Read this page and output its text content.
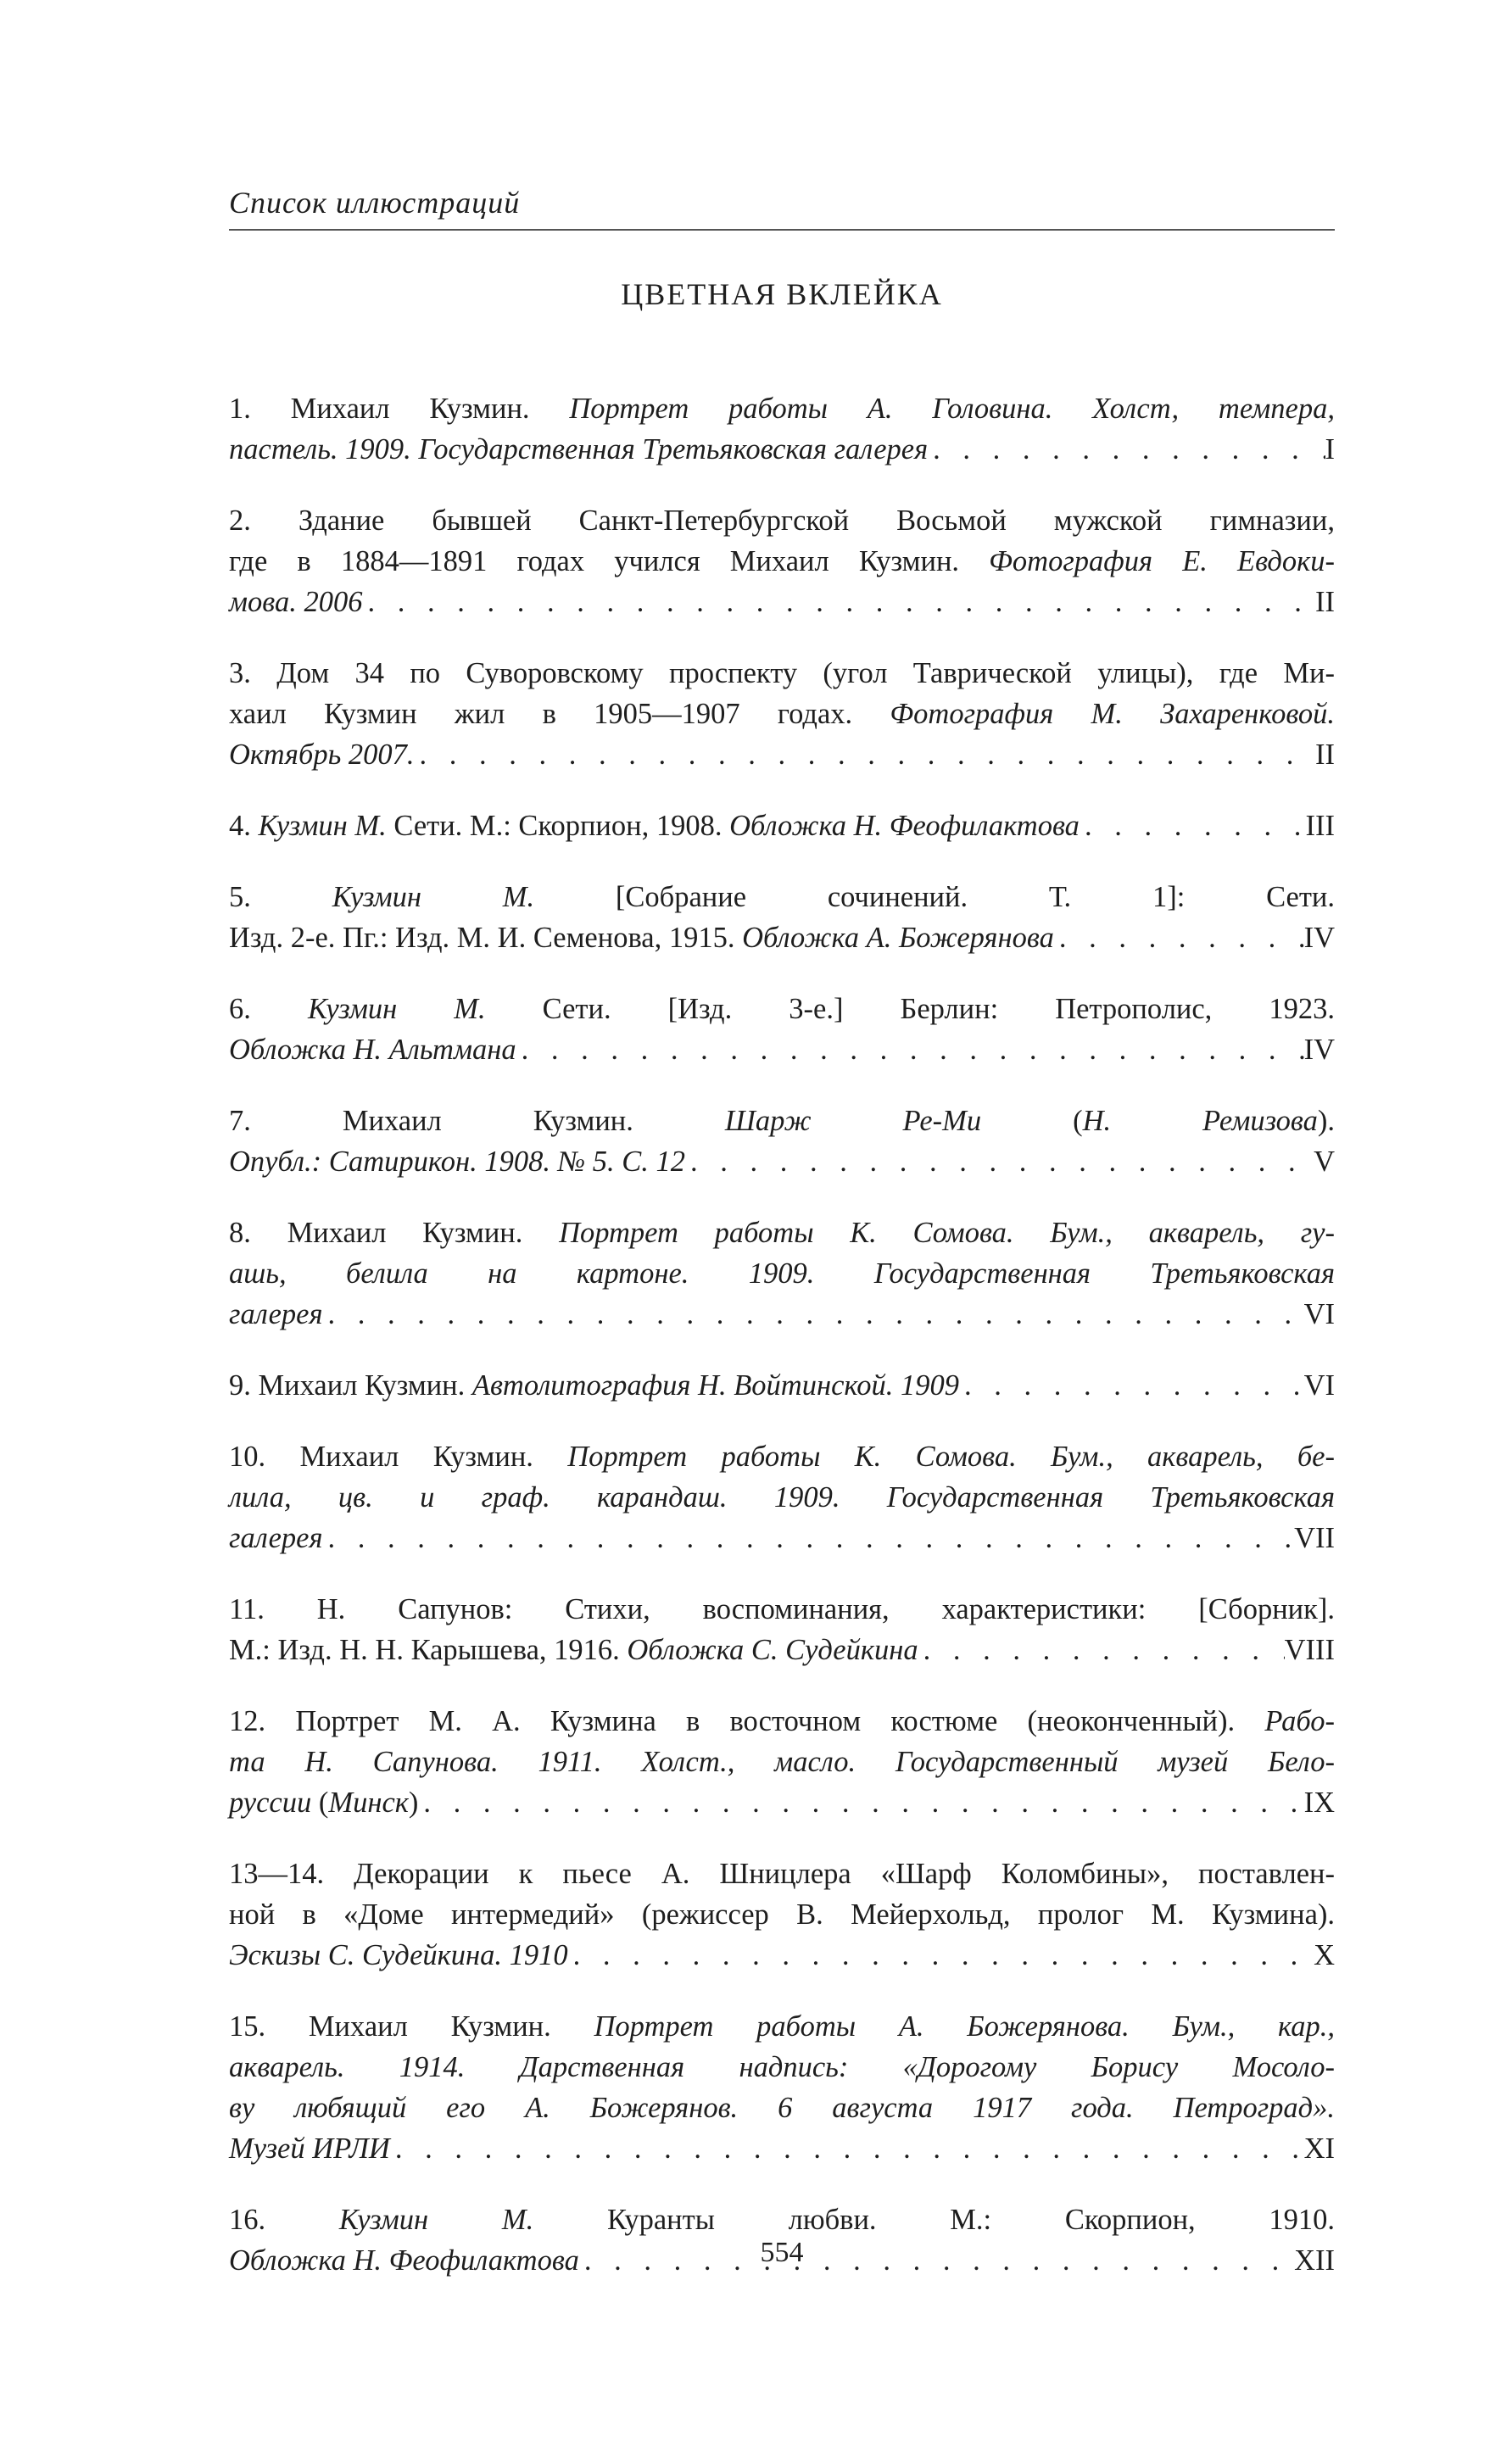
Список иллюстраций
ЦВЕТНАЯ ВКЛЕЙКА
1. Михаил Кузмин. Портрет работы А. Головина. Холст, темпера,
пастель. 1909. Государственная Третьяковская галерея . . .	I
2. Здание бывшей Санкт-Петербургской Восьмой мужской гимназии,
где в 1884—1891 годах учился Михаил Кузмин. Фотография Е. Евдоки-
мова. 2006 . . .	II
3. Дом 34 по Суворовскому проспекту (угол Таврической улицы), где Ми-
хаил Кузмин жил в 1905—1907 годах. Фотография М. Захаренковой.
Октябрь 2007. . . .	II
4. Кузмин М. Сети. М.: Скорпион, 1908. Обложка Н. Феофилактова . . .	III
5. Кузмин М. [Собрание сочинений. Т. 1]: Сети.
Изд. 2-е. Пг.: Изд. М. И. Семенова, 1915. Обложка А. Божерянова . . .	IV
6. Кузмин М. Сети. [Изд. 3-е.] Берлин: Петрополис, 1923.
Обложка Н. Альтмана . . .	IV
7. Михаил Кузмин. Шарж Ре-Ми (Н. Ремизова).
Опубл.: Сатирикон. 1908. № 5. С. 12 . . .	V
8. Михаил Кузмин. Портрет работы К. Сомова. Бум., акварель, гу-
ашь, белила на картоне. 1909. Государственная Третьяковская
галерея . . .	VI
9. Михаил Кузмин. Автолитография Н. Войтинской. 1909 . . .	VI
10. Михаил Кузмин. Портрет работы К. Сомова. Бум., акварель, бе-
лила, цв. и граф. карандаш. 1909. Государственная Третьяковская
галерея . . .	VII
11. Н. Сапунов: Стихи, воспоминания, характеристики: [Сборник].
М.: Изд. Н. Н. Карышева, 1916. Обложка С. Судейкина . . .	VIII
12. Портрет М. А. Кузмина в восточном костюме (неоконченный). Рабо-
та Н. Сапунова. 1911. Холст., масло. Государственный музей Бело-
руссии (Минск) . . .	IX
13—14. Декорации к пьесе А. Шницлера «Шарф Коломбины», поставлен-
ной в «Доме интермедий» (режиссер В. Мейерхольд, пролог М. Кузмина).
Эскизы С. Судейкина. 1910 . . .	X
15. Михаил Кузмин. Портрет работы А. Божерянова. Бум., кар.,
акварель. 1914. Дарственная надпись: «Дорогому Борису Мосоло-
ву любящий его А. Божерянов. 6 августа 1917 года. Петроград».
Музей ИРЛИ . . .	XI
16. Кузмин М. Куранты любви. М.: Скорпион, 1910.
Обложка Н. Феофилактова . . .	XII
554
